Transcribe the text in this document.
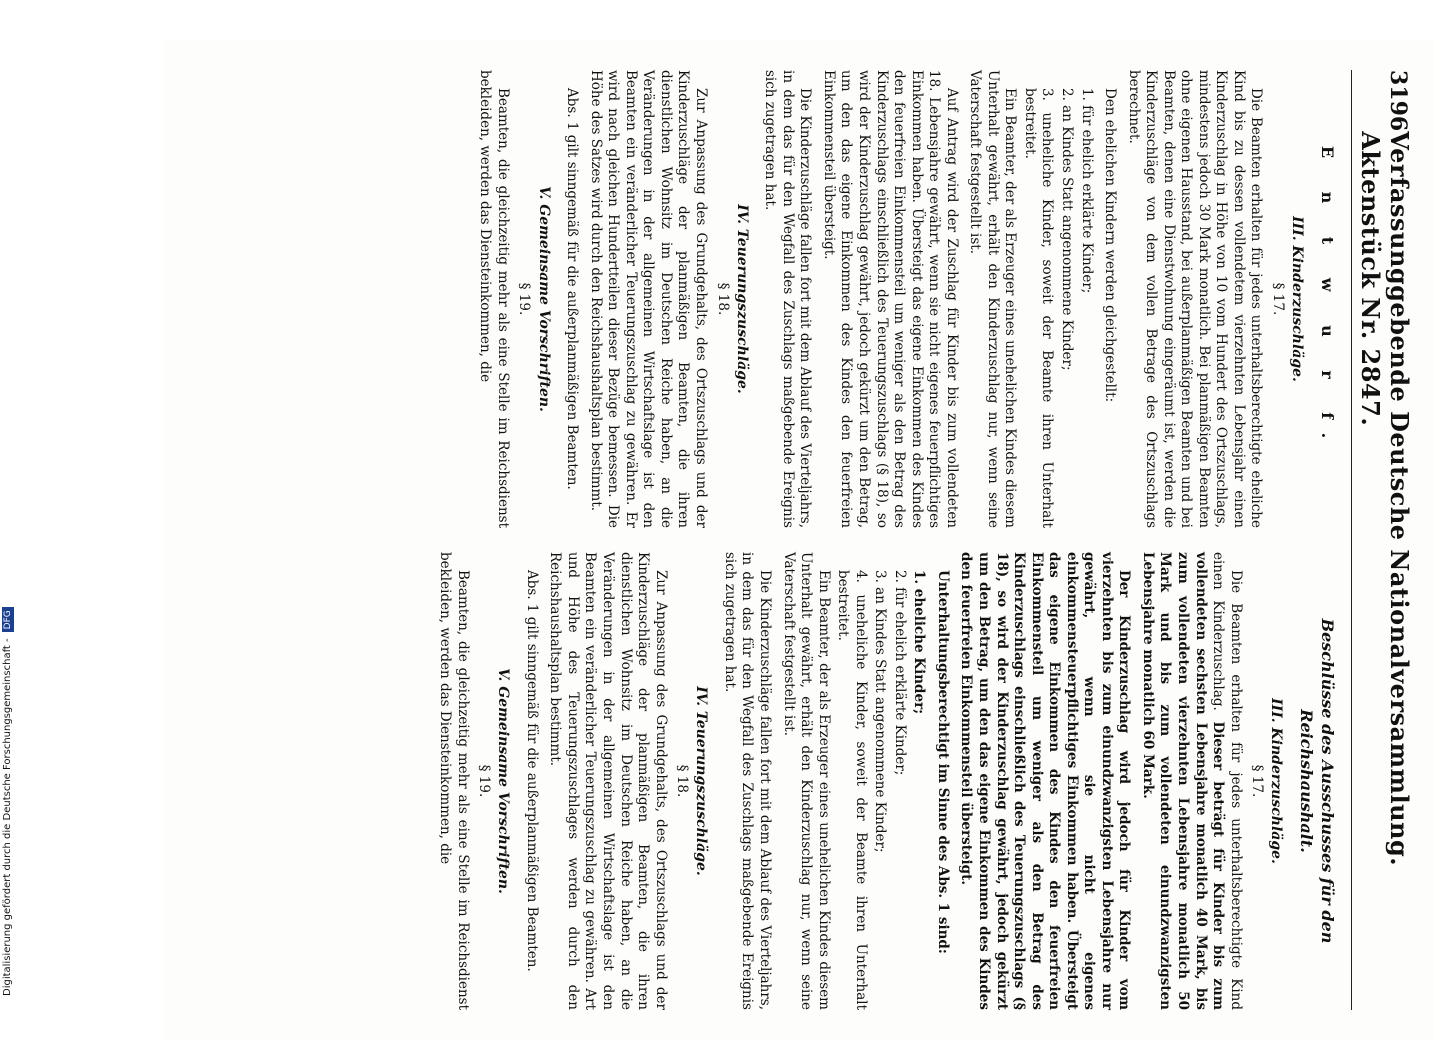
3196
Verfassunggebende Deutsche Nationalversammlung. Aktenstück Nr. 2847.
E n t w u r f.
III. Kinderzuschläge.
§ 17.

Die Beamten erhalten für jedes unterhaltsberechtigte eheliche Kind bis zu dessen vollendetem vierzehnten Lebensjahr einen Kinderzuschlag in Höhe von 10 vom Hundert des Ortszuschlags, mindestens jedoch 30 Mark monatlich. Bei planmäßigen Beamten ohne eigenen Hausstand, bei außerplanmäßigen Beamten und bei Beamten, denen eine Dienstwohnung eingeräumt ist, werden die Kinderzuschläge von dem vollen Betrage des Ortszuschlags berechnet.

Den ehelichen Kindern werden gleichgestellt:

1. für ehelich erklärte Kinder;

2. an Kindes Statt angenommene Kinder;

3. uneheliche Kinder, soweit der Beamte ihren Unterhalt bestreitet.

Ein Beamter, der als Erzeuger eines unehelichen Kindes diesem Unterhalt gewährt, erhält den Kinderzuschlag nur, wenn seine Vaterschaft festgestellt ist.

Auf Antrag wird der Zuschlag für Kinder bis zum vollendeten 18. Lebensjahre gewährt, wenn sie nicht eigenes feuerpflichtiges Einkommen haben. Übersteigt das eigene Einkommen des Kindes den feuerfreien Einkommensteil um weniger als den Betrag des Kinderzuschlags einschließlich des Teuerungszuschlags (§ 18), so wird der Kinderzuschlag gewährt, jedoch gekürzt um den Betrag, um den das eigene Einkommen des Kindes den feuerfreien Einkommensteil übersteigt.

Die Kinderzuschläge fallen fort mit dem Ablauf des Vierteljahrs, in dem das für den Wegfall des Zuschlags maßgebende Ereignis sich zugetragen hat.

IV. Teuerungszuschläge.
§ 18.

Zur Anpassung des Grundgehalts, des Ortszuschlags und der Kinderzuschläge der planmäßigen Beamten, die ihren dienstlichen Wohnsitz im Deutschen Reiche haben, an die Veränderungen in der allgemeinen Wirtschaftslage ist den Beamten ein veränderlicher Teuerungszuschlag zu gewähren. Er wird nach gleichen Hundertteilen dieser Bezüge bemessen. Die Höhe des Satzes wird durch den Reichshaushaltsplan bestimmt.

Abs. 1 gilt sinngemäß für die außerplanmäßigen Beamten.

V. Gemeinsame Vorschriften.
§ 19.

Beamten, die gleichzeitig mehr als eine Stelle im Reichsdienst bekleiden, werden das Diensteinkommen, die

Beschlüsse des Ausschusses für den Reichshaushalt.
III. Kinderzuschläge.
§ 17.

Die Beamten erhalten für jedes unterhaltsberechtigte Kind einen Kinderzuschlag. Dieser beträgt für Kinder bis zum vollendeten sechsten Lebensjahre monatlich 40 Mark, bis zum vollendeten vierzehnten Lebensjahre monatlich 50 Mark und bis zum vollendeten einundzwanzigsten Lebensjahre monatlich 60 Mark.

Der Kinderzuschlag wird jedoch für Kinder vom vierzehnten bis zum einundzwanzigsten Lebensjahre nur gewährt, wenn sie nicht eigenes einkommensteuerpflichtiges Einkommen haben. Übersteigt das eigene Einkommen des Kindes den feuerfreien Einkommensteil um weniger als den Betrag des Kinderzuschlags einschließlich des Teuerungszuschlags (§ 18), so wird der Kinderzuschlag gewährt, jedoch gekürzt um den Betrag, um den das eigene Einkommen des Kindes den feuerfreien Einkommensteil übersteigt.

Unterhaltungsberechtigt im Sinne des Abs. 1 sind:

1. eheliche Kinder;

2. für ehelich erklärte Kinder;

3. an Kindes Statt angenommene Kinder;

4. uneheliche Kinder, soweit der Beamte ihren Unterhalt bestreitet.

Ein Beamter, der als Erzeuger eines unehelichen Kindes diesem Unterhalt gewährt, erhält den Kinderzuschlag nur, wenn seine Vaterschaft festgestellt ist.

Die Kinderzuschläge fallen fort mit dem Ablauf des Vierteljahrs, in dem das für den Wegfall des Zuschlags maßgebende Ereignis sich zugetragen hat.

IV. Teuerungszuschläge.
§ 18.

Zur Anpassung des Grundgehalts, des Ortszuschlags und der Kinderzuschläge der planmäßigen Beamten, die ihren dienstlichen Wohnsitz im Deutschen Reiche haben, an die Veränderungen in der allgemeinen Wirtschaftslage ist den Beamten ein veränderlicher Teuerungszuschlag zu gewähren. Art und Höhe des Teuerungszuschlages werden durch den Reichshaushaltsplan bestimmt.

Abs. 1 gilt sinngemäß für die außerplanmäßigen Beamten.

V. Gemeinsame Vorschriften.
§ 19.

Beamten, die gleichzeitig mehr als eine Stelle im Reichsdienst bekleiden, werden das Diensteinkommen, die

Digitalisierung gefördert durch die Deutsche Forschungsgemeinschaft -DFG
